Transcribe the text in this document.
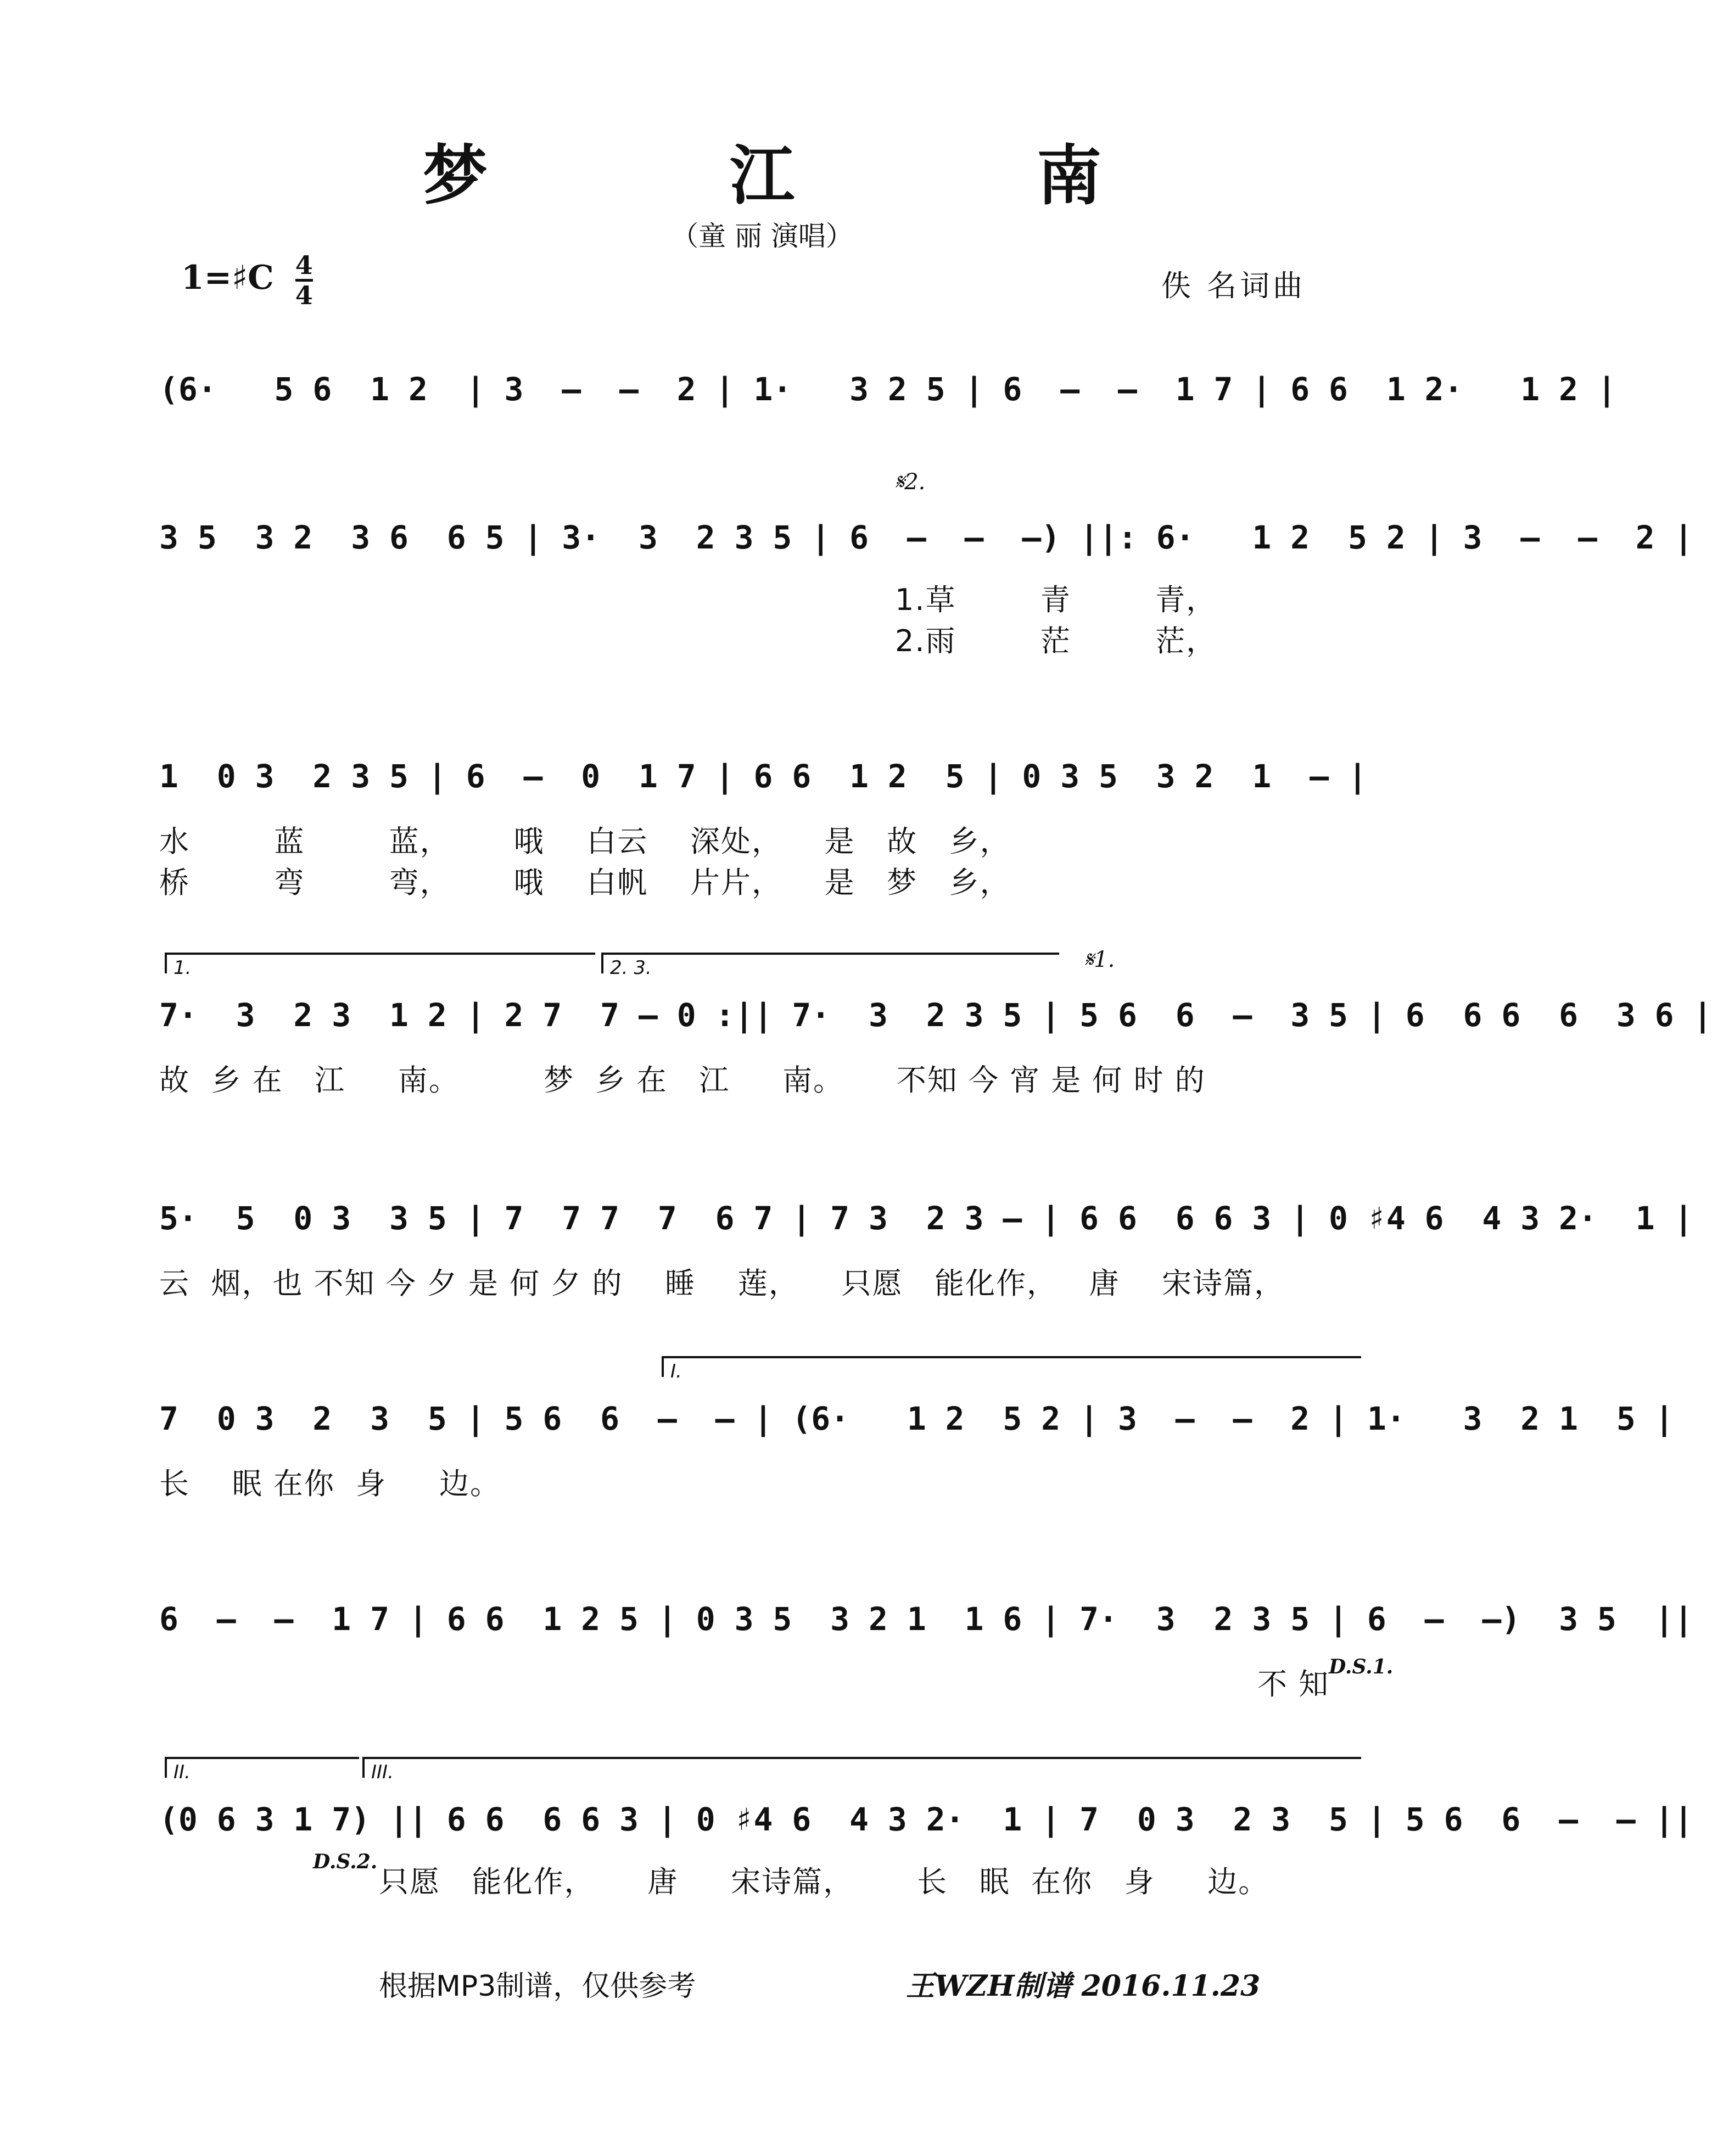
梦 江 南
（童 丽 演唱）
1=♯C $\frac{4}{4}$	佚 名词曲
(6·   5 6  1 2  | 3  –  –  2 | 1·   3 2 5 | 6  –  –  1 7 | 6 6  1 2·   1 2 |
𝄋2.
3 5  3 2  3 6  6 5 | 3·  3  2 3 5 | 6  –  –  –) ||: 6·   1 2  5 2 | 3  –  –  2 |
1.草        青        青，
2.雨        茫        茫，
1  0 3  2 3 5 | 6  –  0  1 7 | 6 6  1 2  5 | 0 3 5  3 2  1  – |
水        蓝        蓝，      哦    白云    深处，    是   故   乡，
桥        弯        弯，      哦    白帆    片片，    是   梦   乡，
1.	2. 3.	𝄋1.
7·  3  2 3  1 2 | 2 7  7 – 0 :|| 7·  3  2 3 5 | 5 6  6  –  3 5 | 6  6 6  6  3 6 |
故  乡 在   江     南。        梦  乡 在   江     南。     不知 今 宵 是 何 时 的
5·  5  0 3  3 5 | 7  7 7  7  6 7 | 7 3  2 3 – | 6 6  6 6 3 | 0 ♯4 6  4 3 2·  1 |
云  烟，也 不知 今 夕 是 何 夕 的    睡    莲，    只愿   能化作，   唐    宋诗篇，
I.
7  0 3  2  3  5 | 5 6  6  –  – | (6·   1 2  5 2 | 3  –  –  2 | 1·   3  2 1  5 |
长    眠 在你  身     边。
6  –  –  1 7 | 6 6  1 2 5 | 0 3 5  3 2 1  1 6 | 7·  3  2 3 5 | 6  –  –)  3 5  ||
不 知
D.S.1.
II.	III.
(0 6 3 1 7) || 6 6  6 6 3 | 0 ♯4 6  4 3 2·  1 | 7  0 3  2 3  5 | 5 6  6  –  – ||
D.S.2.
只愿   能化作，     唐     宋诗篇，      长   眠  在你   身     边。
根据MP3制谱，仅供参考	王WZH制谱 2016.11.23
